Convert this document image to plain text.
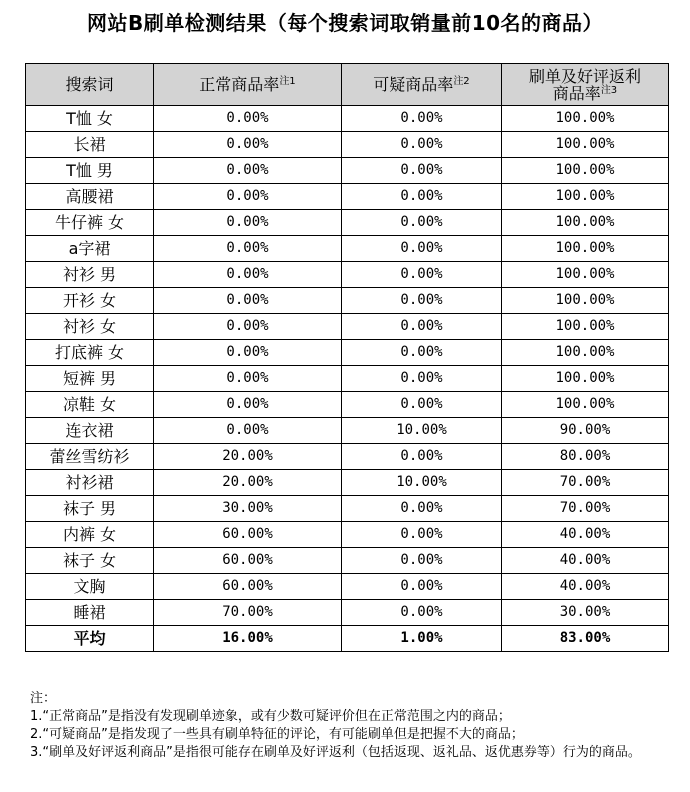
网站B刷单检测结果（每个搜索词取销量前10名的商品）
搜索词	正常商品率$^{注1}$	可疑商品率$^{注2}$	刷单及好评返利
商品率$^{注3}$
T恤 女	0.00%	0.00%	100.00%
长裙	0.00%	0.00%	100.00%
T恤 男	0.00%	0.00%	100.00%
高腰裙	0.00%	0.00%	100.00%
牛仔裤 女	0.00%	0.00%	100.00%
a字裙	0.00%	0.00%	100.00%
衬衫 男	0.00%	0.00%	100.00%
开衫 女	0.00%	0.00%	100.00%
衬衫 女	0.00%	0.00%	100.00%
打底裤 女	0.00%	0.00%	100.00%
短裤 男	0.00%	0.00%	100.00%
凉鞋 女	0.00%	0.00%	100.00%
连衣裙	0.00%	10.00%	90.00%
蕾丝雪纺衫	20.00%	0.00%	80.00%
衬衫裙	20.00%	10.00%	70.00%
袜子 男	30.00%	0.00%	70.00%
内裤 女	60.00%	0.00%	40.00%
袜子 女	60.00%	0.00%	40.00%
文胸	60.00%	0.00%	40.00%
睡裙	70.00%	0.00%	30.00%
平均	16.00%	1.00%	83.00%
注：
1.“正常商品”是指没有发现刷单迹象，或有少数可疑评价但在正常范围之内的商品；
2.“可疑商品”是指发现了一些具有刷单特征的评论，有可能刷单但是把握不大的商品；
3.“刷单及好评返利商品”是指很可能存在刷单及好评返利（包括返现、返礼品、返优惠券等）行为的商品。
